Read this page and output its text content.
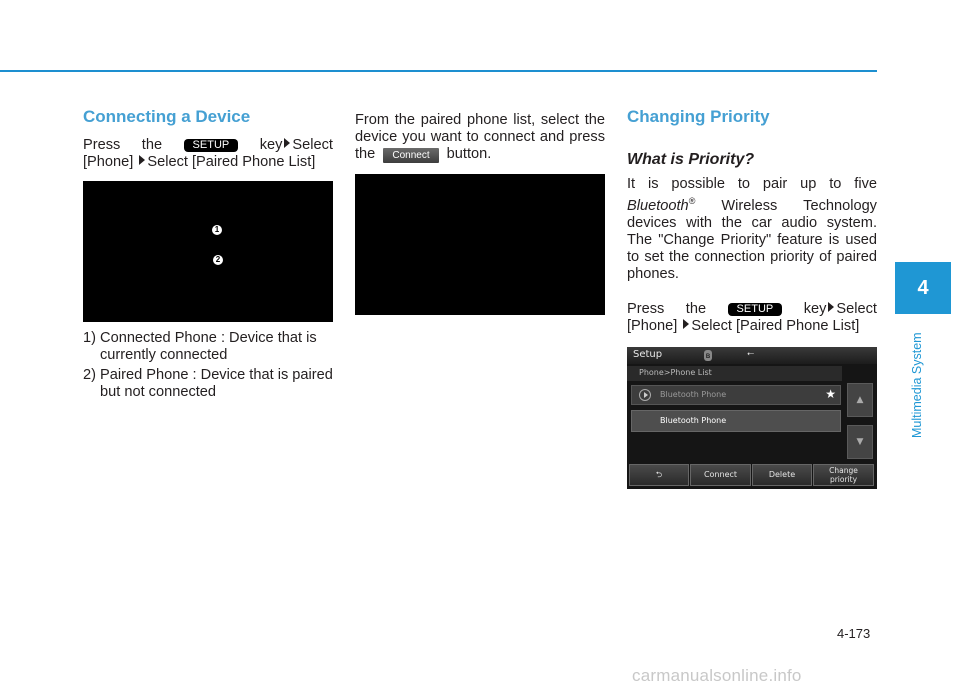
Connecting a Device

Press the	SETUP key Select

[Phone] Select [Paired Phone List]

1
2
1) Connected Phone : Device that is currently connected
2) Paired Phone : Device that is paired but not connected

From the paired phone list, select the device you want to connect and press the Connect button.

Changing Priority
What is Priority?

It is possible to pair up to five Bluetooth® Wireless Technology devices with the car audio system. The "Change Priority" feature is used to set the connection priority of paired phones.

Press the	SETUP key Select

[Phone] Select [Paired Phone List]

Setup	ʙ	⭠
Phone>Phone List
Bluetooth Phone	★
Bluetooth Phone
▲
▼
⮌	Connect	Delete	Change
priority
4
Multimedia System
4-173
carmanualsonline.info
